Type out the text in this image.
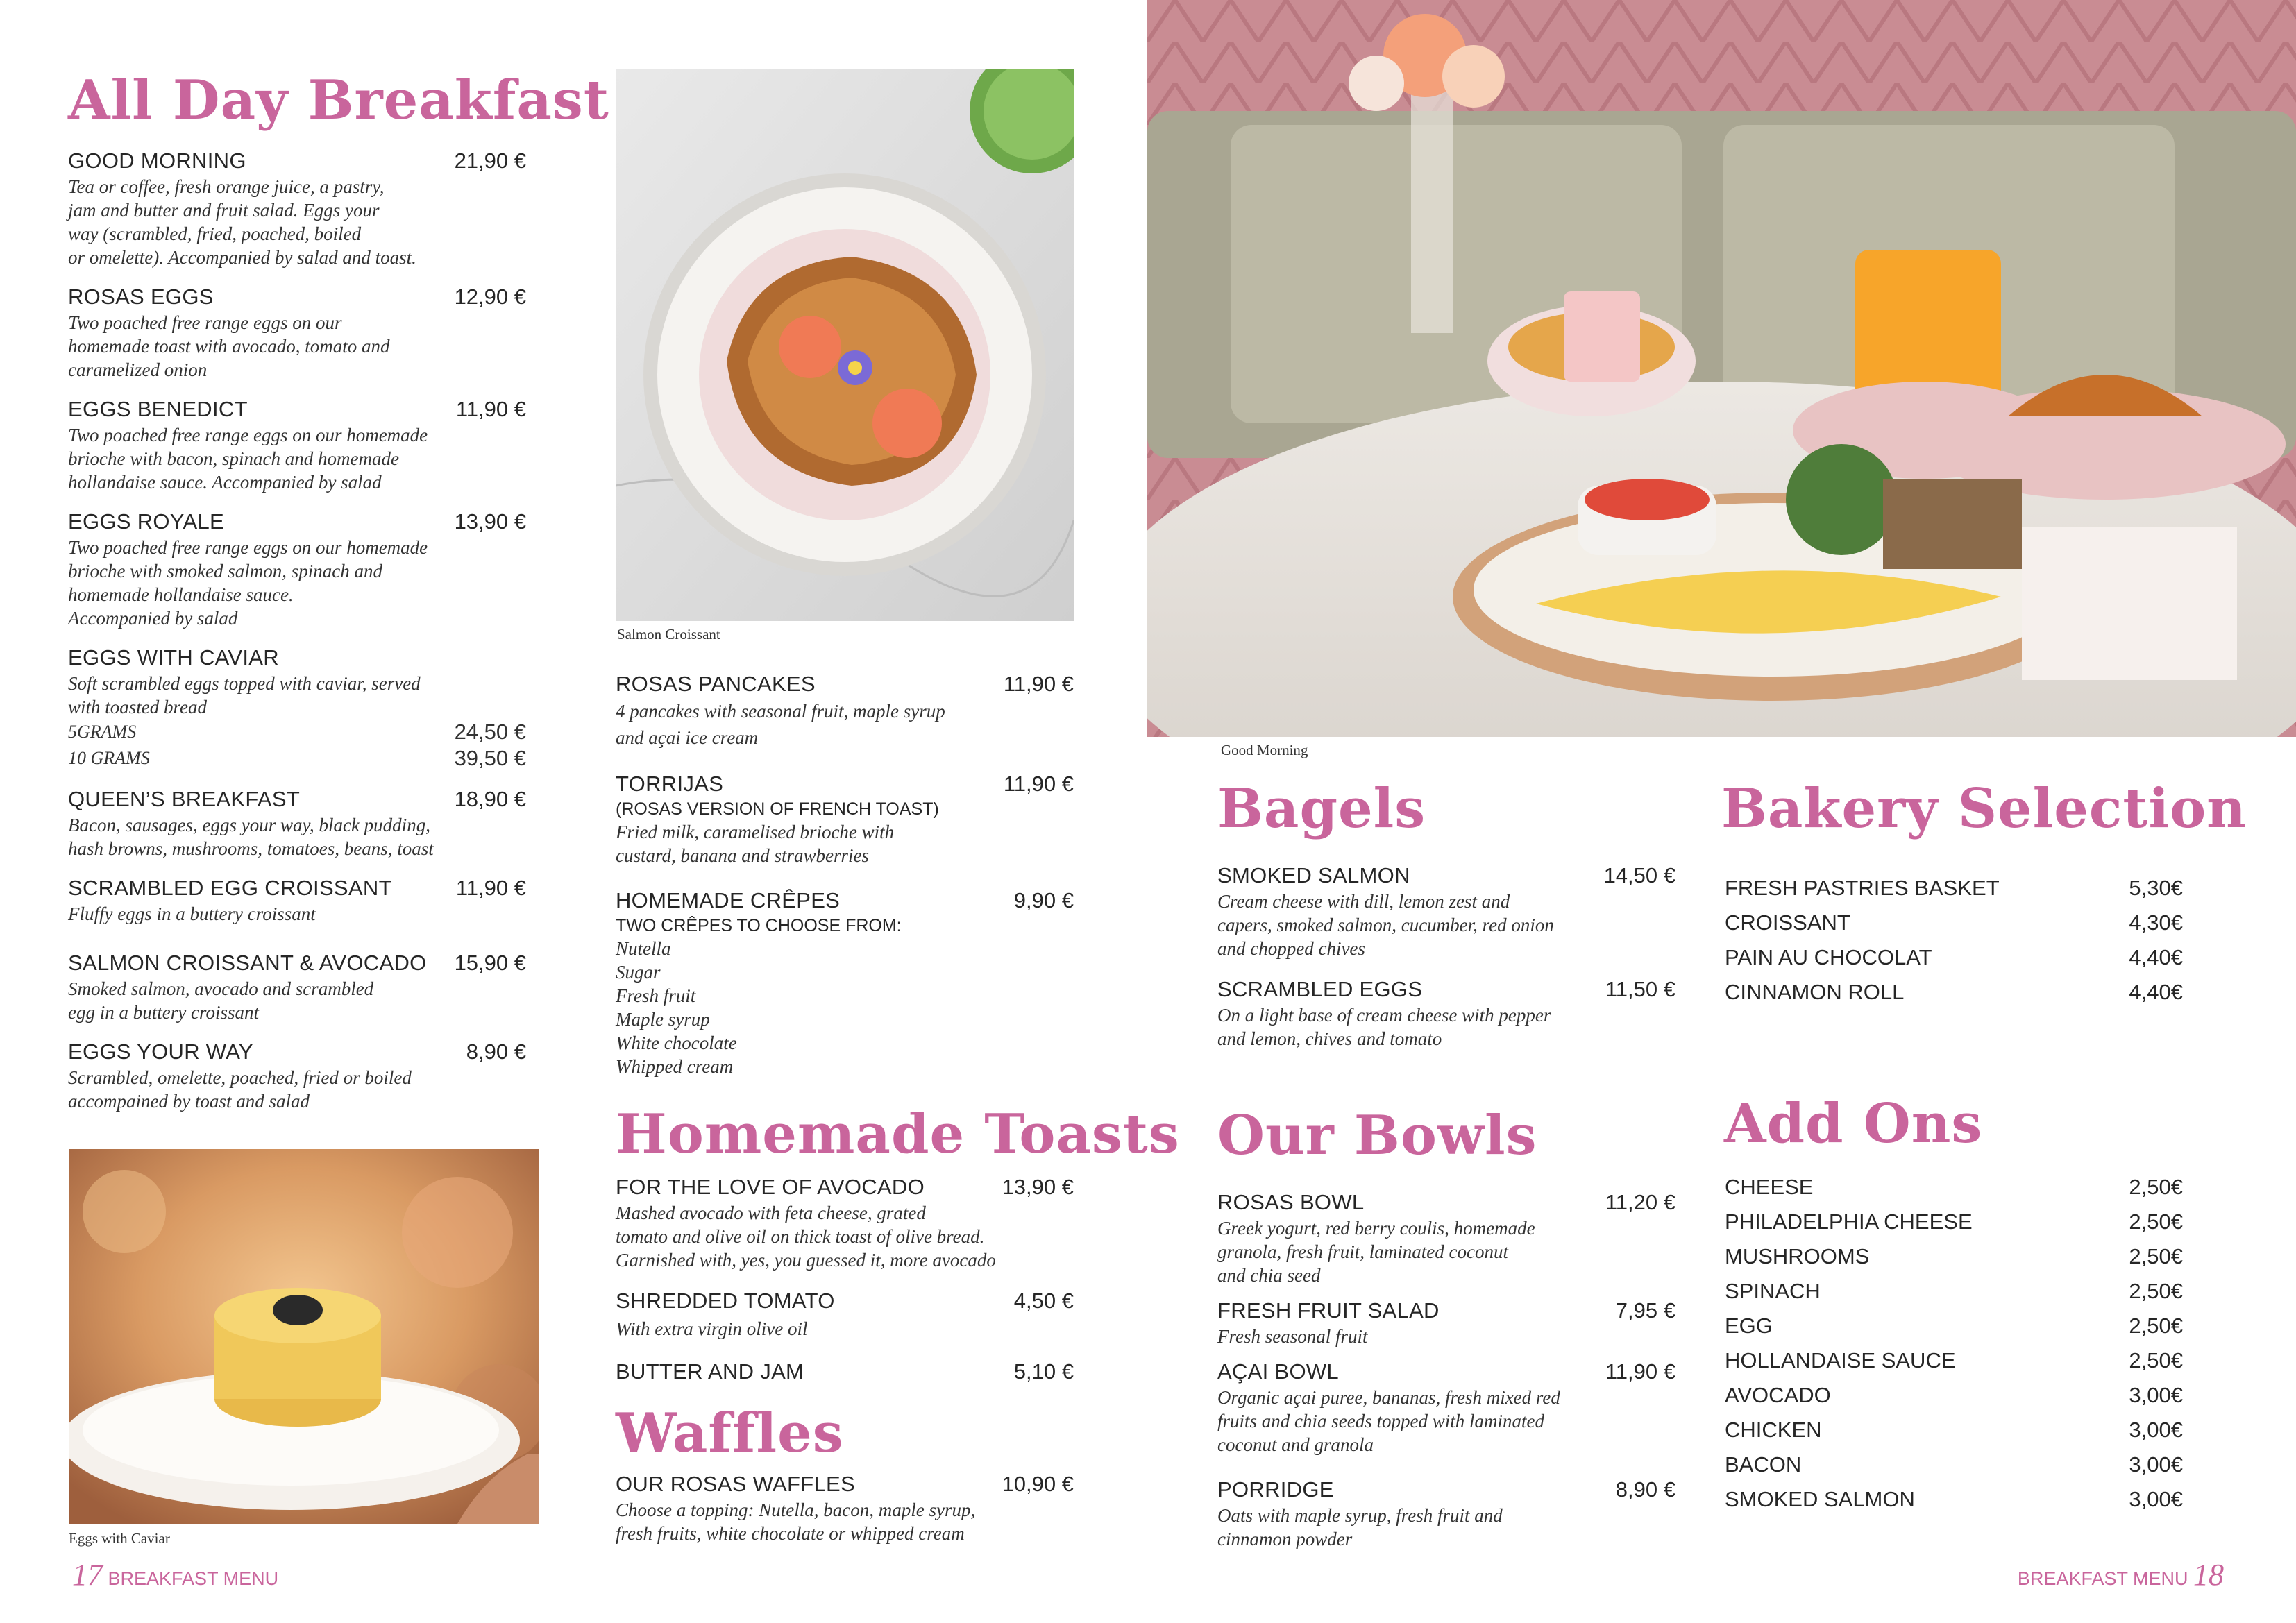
All Day Breakfast
GOOD MORNING	21,90 €
Tea or coffee, fresh orange juice, a pastry,
jam and butter and fruit salad. Eggs your
way (scrambled, fried, poached, boiled
or omelette). Accompanied by salad and toast.
ROSAS EGGS	12,90 €
Two poached free range eggs on our
homemade toast with avocado, tomato and
caramelized onion
EGGS BENEDICT	11,90 €
Two poached free range eggs on our homemade
brioche with bacon, spinach and homemade
hollandaise sauce. Accompanied by salad
EGGS ROYALE	13,90 €
Two poached free range eggs on our homemade
brioche with smoked salmon, spinach and
homemade hollandaise sauce.
Accompanied by salad
EGGS WITH CAVIAR
Soft scrambled eggs topped with caviar, served
with toasted bread
5GRAMS	24,50 €
10 GRAMS	39,50 €
QUEEN’S BREAKFAST	18,90 €
Bacon, sausages, eggs your way, black pudding,
hash browns, mushrooms, tomatoes, beans, toast
SCRAMBLED EGG CROISSANT	11,90 €
Fluffy eggs in a buttery croissant
SALMON CROISSANT & AVOCADO	15,90 €
Smoked salmon, avocado and scrambled
egg in a buttery croissant
EGGS YOUR WAY	8,90 €
Scrambled, omelette, poached, fried or boiled
accompained by toast and salad
Eggs with Caviar
Salmon Croissant
ROSAS PANCAKES	11,90 €
4 pancakes with seasonal fruit, maple syrup
and açai ice cream
TORRIJAS	11,90 €
(ROSAS VERSION OF FRENCH TOAST)
Fried milk, caramelised brioche with
custard, banana and strawberries
HOMEMADE CRÊPES	9,90 €
TWO CRÊPES TO CHOOSE FROM:
Nutella
Sugar
Fresh fruit
Maple syrup
White chocolate
Whipped cream
Homemade Toasts
FOR THE LOVE OF AVOCADO	13,90 €
Mashed avocado with feta cheese, grated
tomato and olive oil on thick toast of olive bread.
Garnished with, yes, you guessed it, more avocado
SHREDDED TOMATO	4,50 €
With extra virgin olive oil
BUTTER AND JAM	5,10 €
Waffles
OUR ROSAS WAFFLES	10,90 €
Choose a topping: Nutella, bacon, maple syrup,
fresh fruits, white chocolate or whipped cream
17 BREAKFAST MENU
Good Morning
Bagels
SMOKED SALMON	14,50 €
Cream cheese with dill, lemon zest and
capers, smoked salmon, cucumber, red onion
and chopped chives
SCRAMBLED EGGS	11,50 €
On a light base of cream cheese with pepper
and lemon, chives and tomato
Our Bowls
ROSAS BOWL	11,20 €
Greek yogurt, red berry coulis, homemade
granola, fresh fruit, laminated coconut
and chia seed
FRESH FRUIT SALAD	7,95 €
Fresh seasonal fruit
AÇAI BOWL	11,90 €
Organic açai puree, bananas, fresh mixed red
fruits and chia seeds topped with laminated
coconut and granola
PORRIDGE	8,90 €
Oats with maple syrup, fresh fruit and
cinnamon powder
Bakery Selection
FRESH PASTRIES BASKET	5,30€
CROISSANT	4,30€
PAIN AU CHOCOLAT	4,40€
CINNAMON ROLL	4,40€
Add Ons
CHEESE	2,50€
PHILADELPHIA CHEESE	2,50€
MUSHROOMS	2,50€
SPINACH	2,50€
EGG	2,50€
HOLLANDAISE SAUCE	2,50€
AVOCADO	3,00€
CHICKEN	3,00€
BACON	3,00€
SMOKED SALMON	3,00€
BREAKFAST MENU 18
